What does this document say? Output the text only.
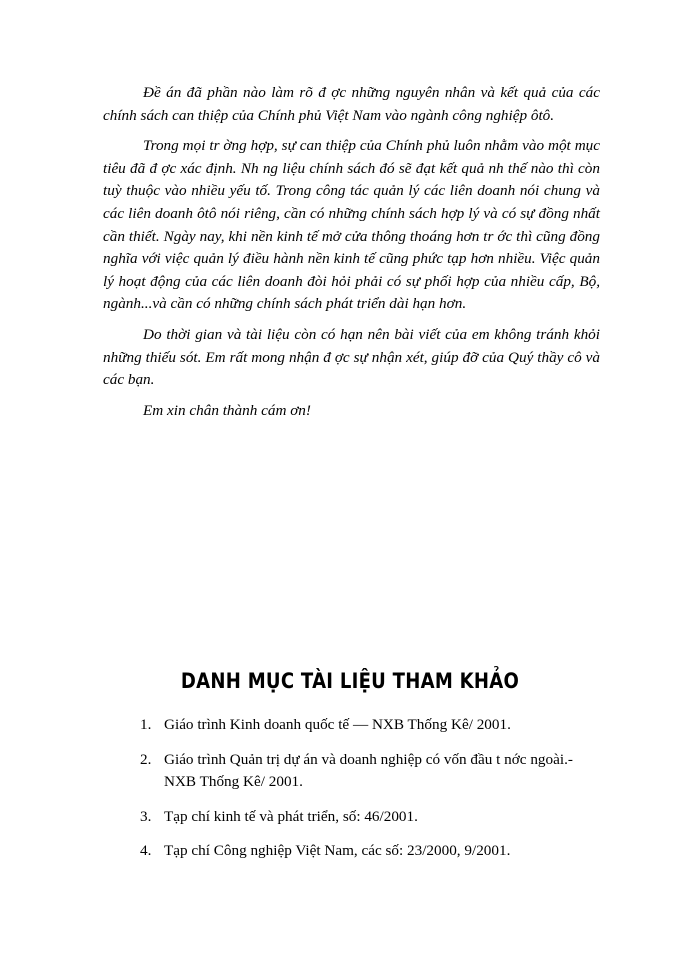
Đề án đã phần nào làm rõ đ ợc những nguyên nhân và kết quả của các chính sách can thiệp của Chính phủ Việt Nam vào ngành công nghiệp ôtô.

Trong mọi tr ờng hợp, sự can thiệp của Chính phủ luôn nhằm vào một mục tiêu đã đ ợc xác định. Nh ng liệu chính sách đó sẽ đạt kết quả nh thế nào thì còn tuỳ thuộc vào nhiều yếu tố. Trong công tác quản lý các liên doanh nói chung và các liên doanh ôtô nói riêng, cần có những chính sách hợp lý và có sự đồng nhất cần thiết. Ngày nay, khi nền kinh tế mở cửa thông thoáng hơn tr ớc thì cũng đồng nghĩa với việc quản lý điều hành nền kinh tế cũng phức tạp hơn nhiều. Việc quản lý hoạt động của các liên doanh đòi hỏi phải có sự phối hợp của nhiều cấp, Bộ, ngành...và cần có những chính sách phát triển dài hạn hơn.

Do thời gian và tài liệu còn có hạn nên bài viết của em không tránh khỏi những thiếu sót. Em rất mong nhận đ ợc sự nhận xét, giúp đỡ của Quý thầy cô và các bạn.

Em xin chân thành cám ơn!

DANH MỤC TÀI LIỆU THAM KHẢO
1. Giáo trình Kinh doanh quốc tế — NXB Thống Kê/ 2001.
2. Giáo trình Quản trị dự án và doanh nghiệp có vốn đầu t nớc ngoài.- NXB Thống Kê/ 2001.
3. Tạp chí kinh tế và phát triển, số: 46/2001.
4. Tạp chí Công nghiệp Việt Nam, các số: 23/2000, 9/2001.
